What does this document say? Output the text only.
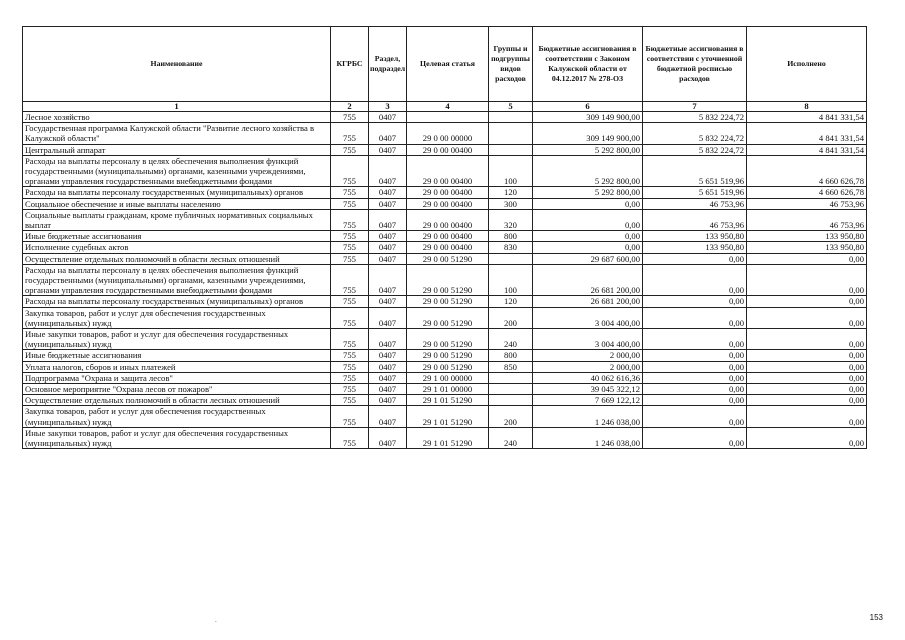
Наименование	КГРБС	Раздел, подраздел	Целевая статья	Группы и подгруппы видов расходов	Бюджетные ассигнования в соответствии с Законом Калужской области от 04.12.2017 № 278-ОЗ	Бюджетные ассигнования в соответствии с уточненной бюджетной росписью расходов	Исполнено
1	2	3	4	5	6	7	8
Лесное хозяйство	755	0407			309 149 900,00	5 832 224,72	4 841 331,54
Государственная программа Калужской области "Развитие лесного хозяйства в Калужской области"	755	0407	29 0 00 00000		309 149 900,00	5 832 224,72	4 841 331,54
Центральный аппарат	755	0407	29 0 00 00400		5 292 800,00	5 832 224,72	4 841 331,54
Расходы на выплаты персоналу в целях обеспечения выполнения функций государственными (муниципальными) органами, казенными учреждениями, органами управления государственными внебюджетными фондами	755	0407	29 0 00 00400	100	5 292 800,00	5 651 519,96	4 660 626,78
Расходы на выплаты персоналу государственных (муниципальных) органов	755	0407	29 0 00 00400	120	5 292 800,00	5 651 519,96	4 660 626,78
Социальное обеспечение и иные выплаты населению	755	0407	29 0 00 00400	300	0,00	46 753,96	46 753,96
Социальные выплаты гражданам, кроме публичных нормативных социальных выплат	755	0407	29 0 00 00400	320	0,00	46 753,96	46 753,96
Иные бюджетные ассигнования	755	0407	29 0 00 00400	800	0,00	133 950,80	133 950,80
Исполнение судебных актов	755	0407	29 0 00 00400	830	0,00	133 950,80	133 950,80
Осуществление отдельных полномочий в области лесных отношений	755	0407	29 0 00 51290		29 687 600,00	0,00	0,00
Расходы на выплаты персоналу в целях обеспечения выполнения функций государственными (муниципальными) органами, казенными учреждениями, органами управления государственными внебюджетными фондами	755	0407	29 0 00 51290	100	26 681 200,00	0,00	0,00
Расходы на выплаты персоналу государственных (муниципальных) органов	755	0407	29 0 00 51290	120	26 681 200,00	0,00	0,00
Закупка товаров, работ и услуг для обеспечения государственных (муниципальных) нужд	755	0407	29 0 00 51290	200	3 004 400,00	0,00	0,00
Иные закупки товаров, работ и услуг для обеспечения государственных (муниципальных) нужд	755	0407	29 0 00 51290	240	3 004 400,00	0,00	0,00
Иные бюджетные ассигнования	755	0407	29 0 00 51290	800	2 000,00	0,00	0,00
Уплата налогов, сборов и иных платежей	755	0407	29 0 00 51290	850	2 000,00	0,00	0,00
Подпрограмма "Охрана и защита лесов"	755	0407	29 1 00 00000		40 062 616,36	0,00	0,00
Основное мероприятие "Охрана лесов от пожаров"	755	0407	29 1 01 00000		39 045 322,12	0,00	0,00
Осуществление отдельных полномочий в области лесных отношений	755	0407	29 1 01 51290		7 669 122,12	0,00	0,00
Закупка товаров, работ и услуг для обеспечения государственных (муниципальных) нужд	755	0407	29 1 01 51290	200	1 246 038,00	0,00	0,00
Иные закупки товаров, работ и услуг для обеспечения государственных (муниципальных) нужд	755	0407	29 1 01 51290	240	1 246 038,00	0,00	0,00
.	153
